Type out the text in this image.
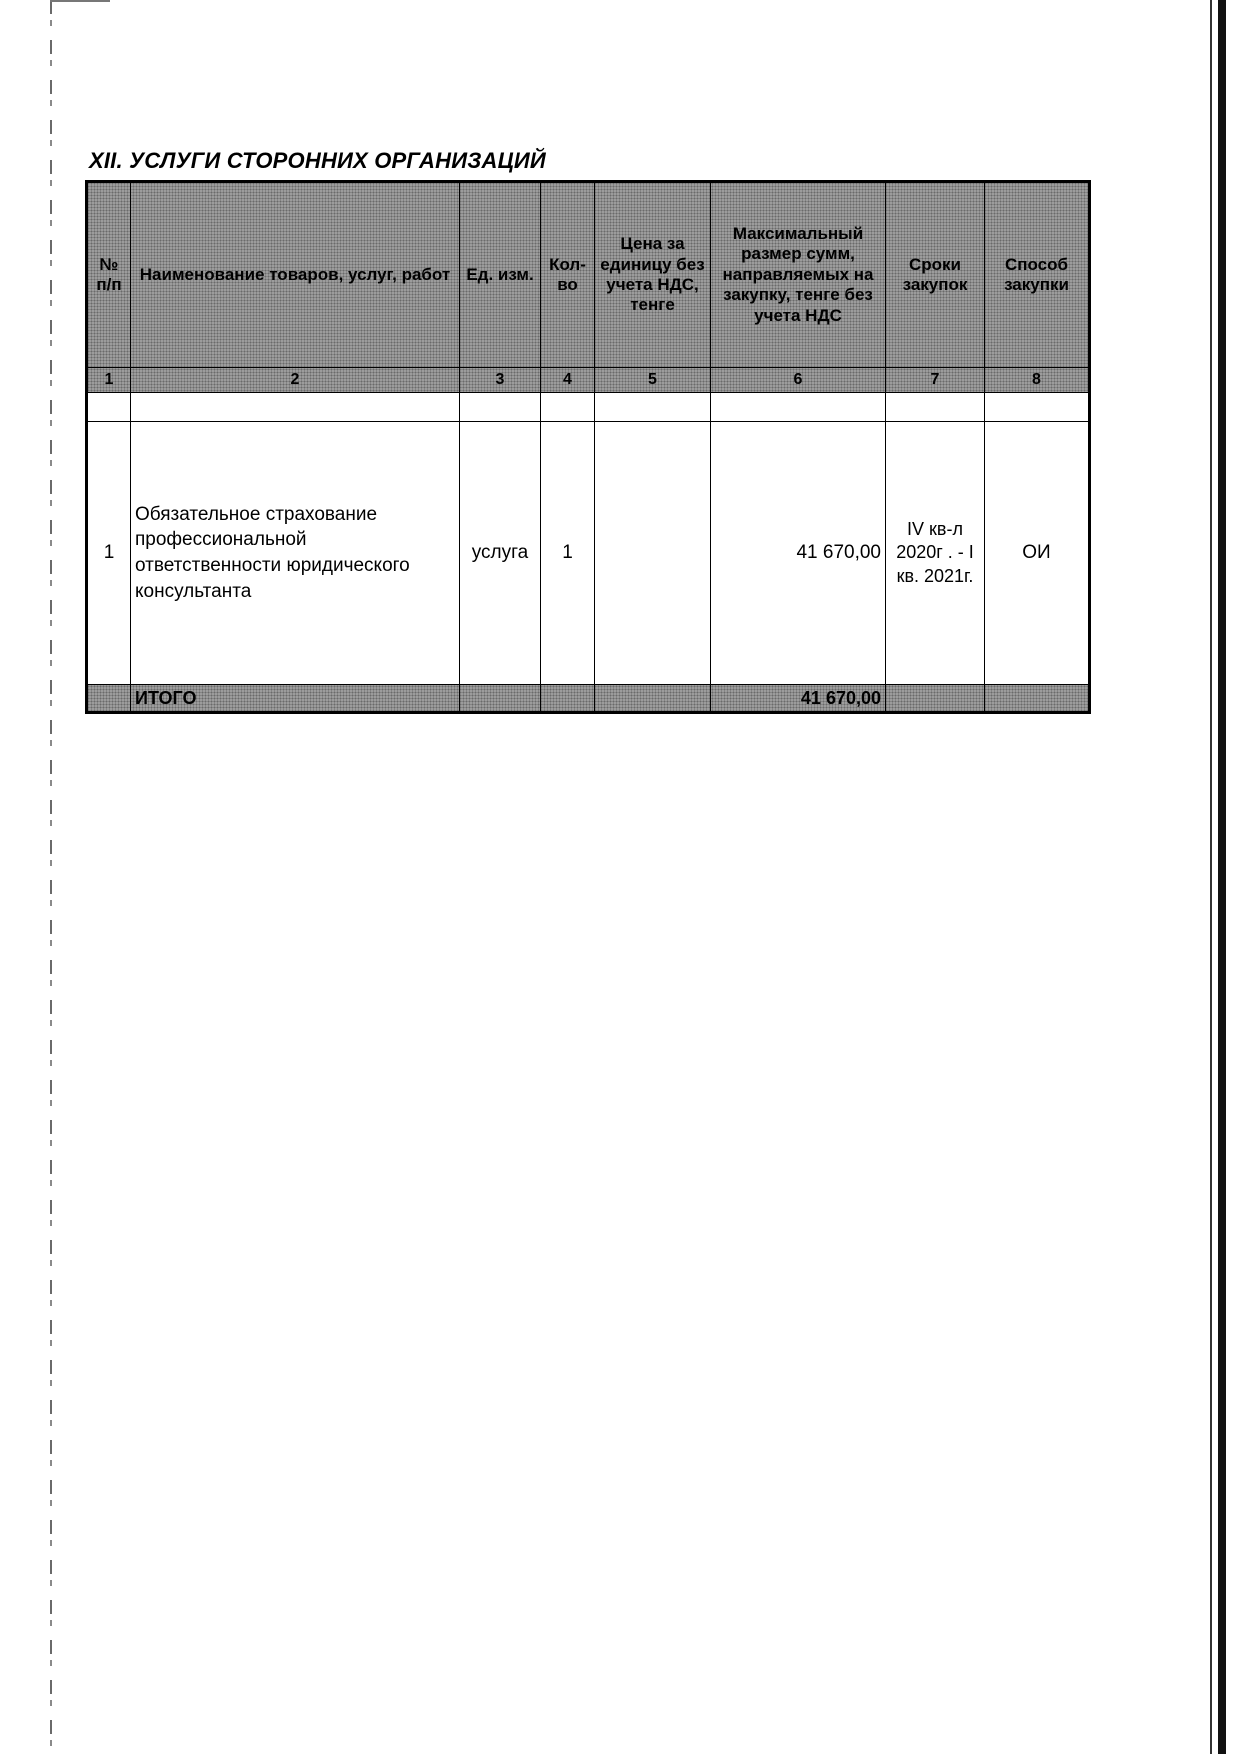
XII. УСЛУГИ СТОРОННИХ ОРГАНИЗАЦИЙ
№ п/п	Наименование товаров, услуг, работ	Ед. изм.	Кол-во	Цена за единицу без учета НДС, тенге	Максимальный размер сумм, направляемых на закупку, тенге без учета НДС	Сроки закупок	Способ закупки
1	2	3	4	5	6	7	8

1	Обязательное страхование профессиональной ответственности юридического консультанта	услуга	1		41 670,00	IV кв-л 2020г . - I кв. 2021г.	ОИ
	ИТОГО				41 670,00		
